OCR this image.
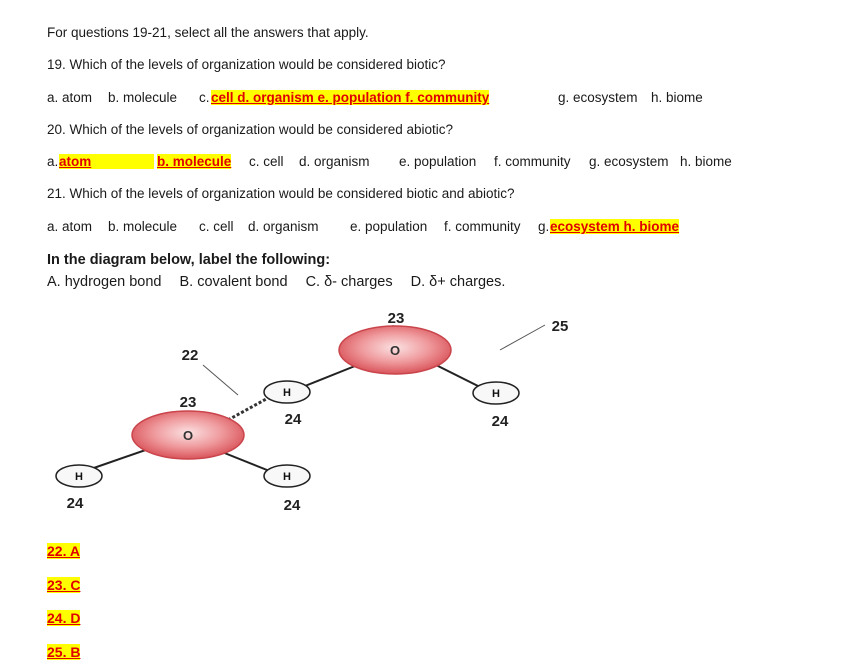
For questions 19-21, select all the answers that apply.
19. Which of the levels of organization would be considered biotic?
a. atom b. molecule c. cell d. organism e. population f. community	g. ecosystem h. biome
20. Which of the levels of organization would be considered abiotic?
a. atom	b. molecule c. cell d. organism e. population f. community g. ecosystem h. biome
21. Which of the levels of organization would be considered biotic and abiotic?
a. atom b. molecule c. cell d. organism e. population f. community g. ecosystem h. biome
In the diagram below, label the following:
A. hydrogen bond B. covalent bond C. δ- charges D. δ+ charges.
O
O
H	H
H	H
23	25
22
23
24	24
24	24
22. A
23. C
24. D
25. B
